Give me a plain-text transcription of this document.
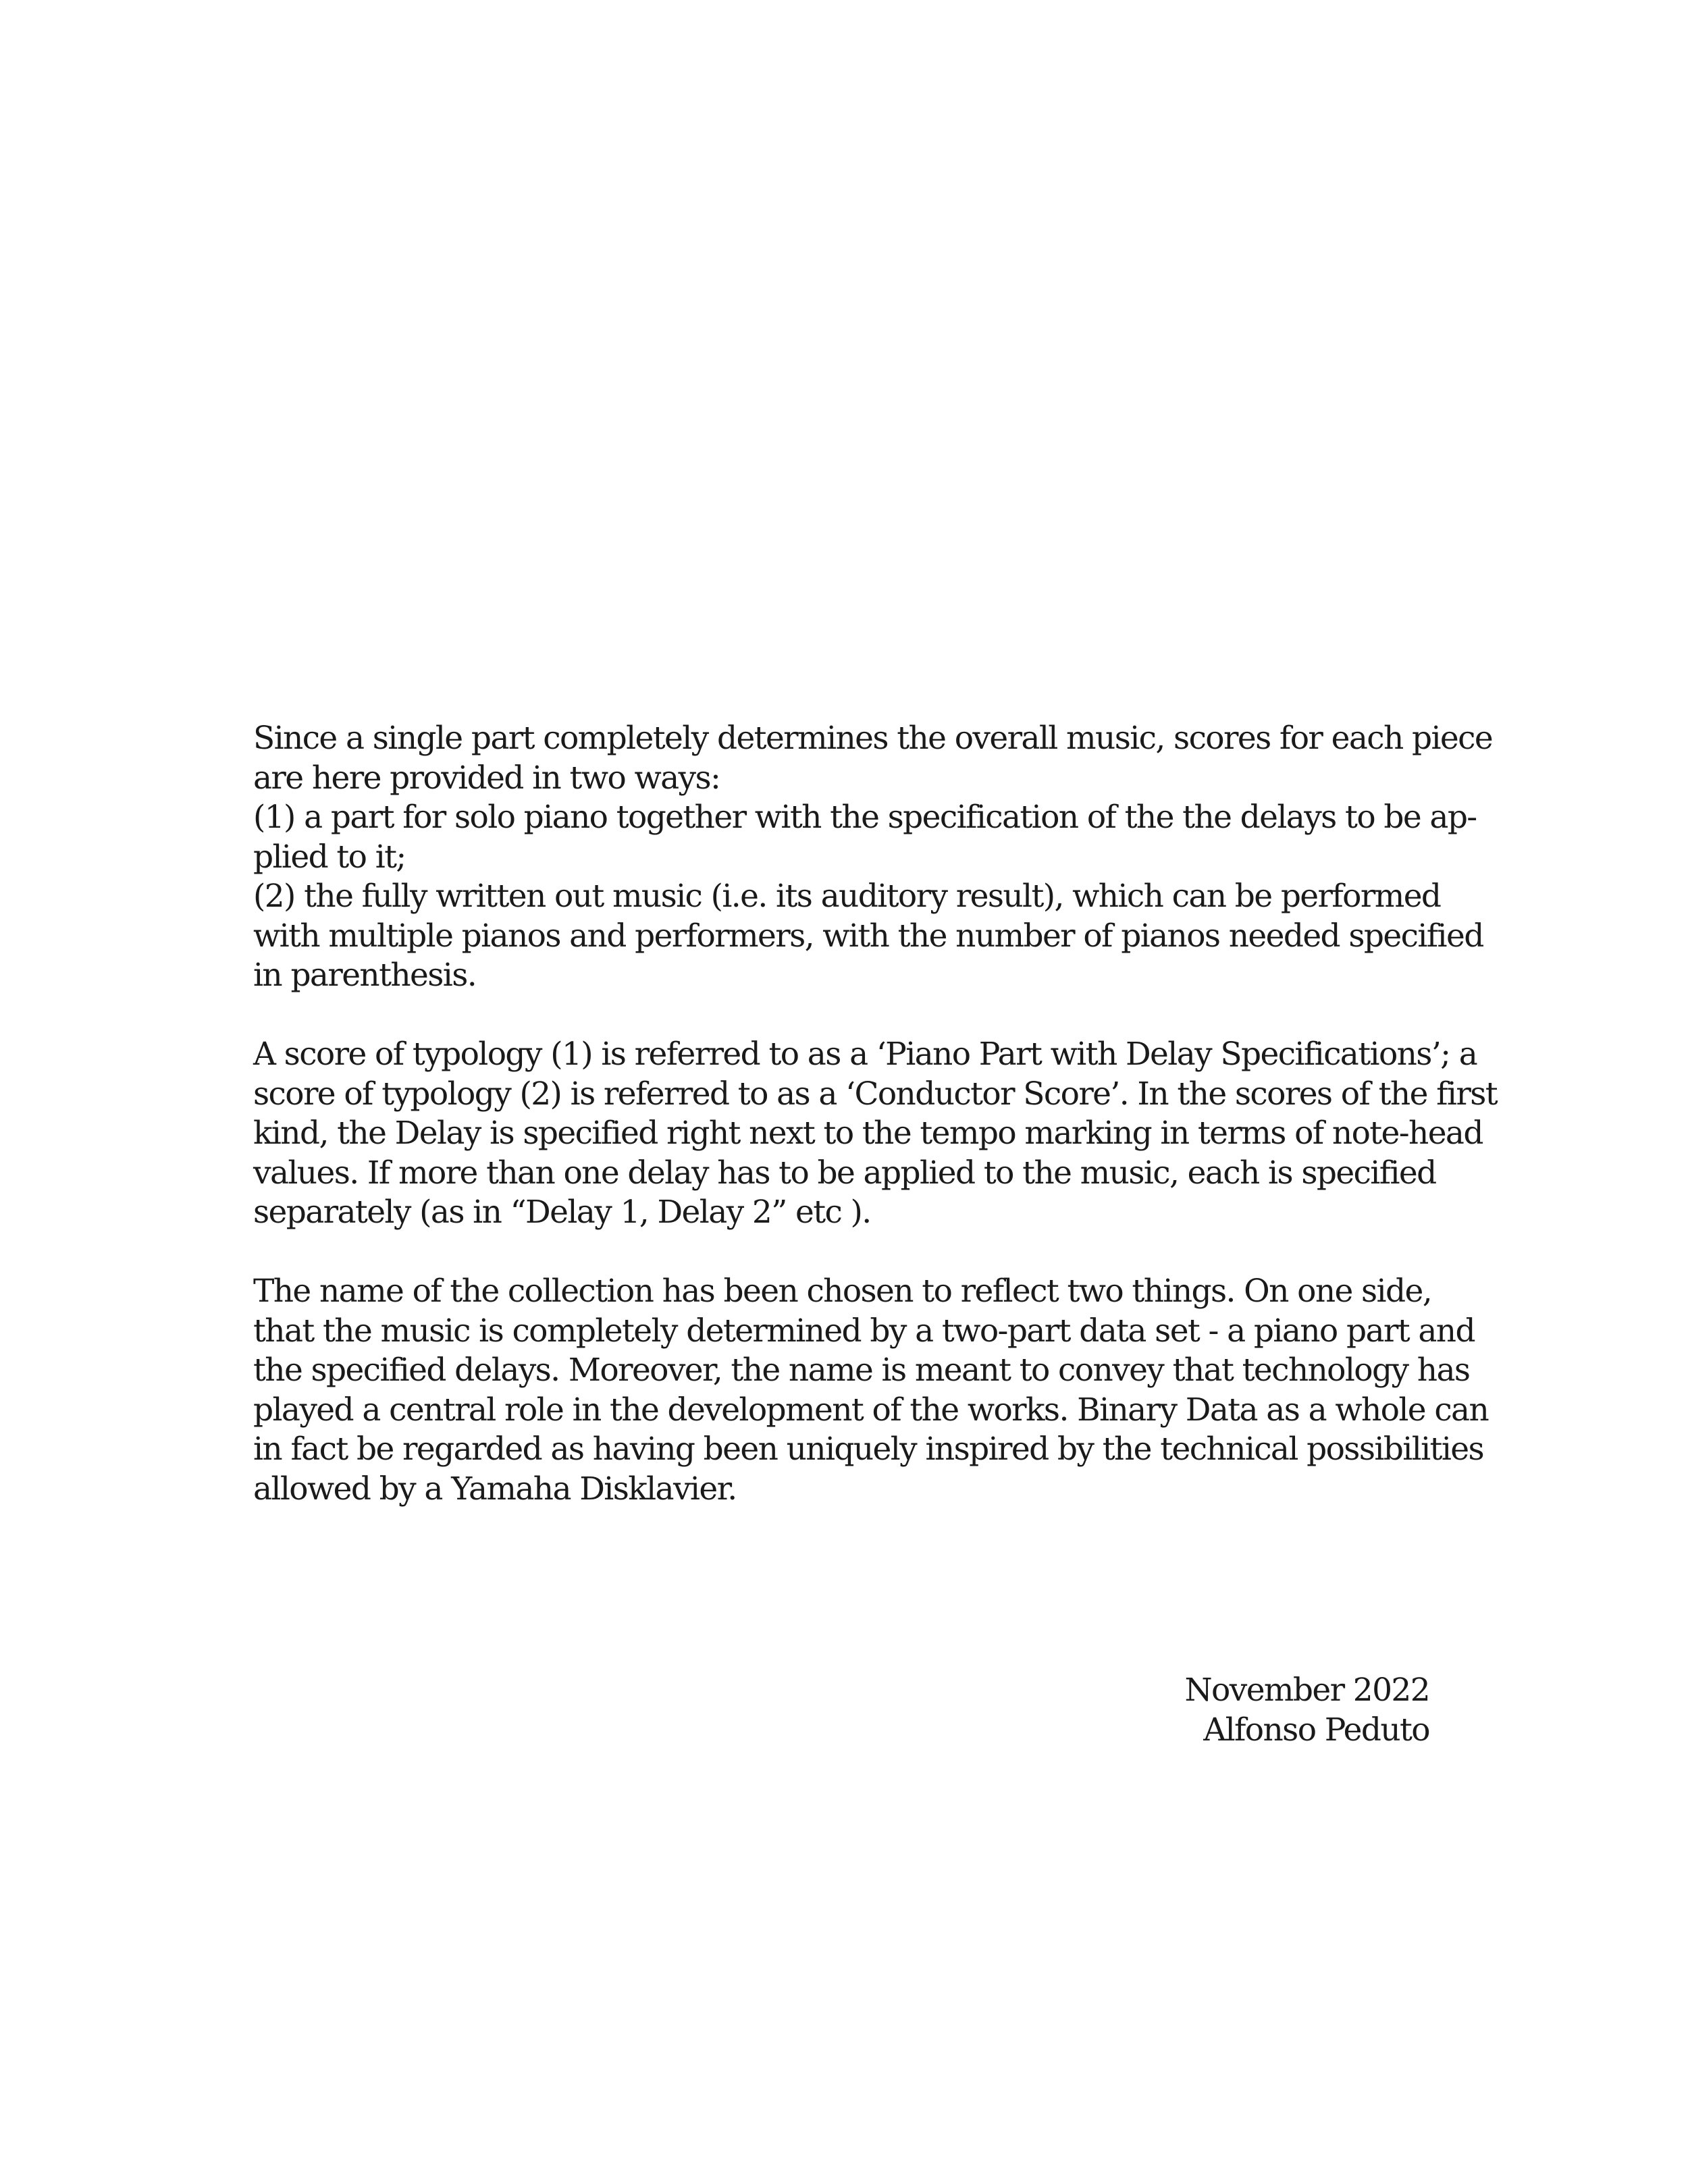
Since a single part completely determines the overall music, scores for each piece
are here provided in two ways:
(1) a part for solo piano together with the specification of the the delays to be ap-
plied to it;
(2) the fully written out music (i.e. its auditory result), which can be performed
with multiple pianos and performers, with the number of pianos needed specified
in parenthesis.

A score of typology (1) is referred to as a ‘Piano Part with Delay Specifications’; a
score of typology (2) is referred to as a ‘Conductor Score’. In the scores of the first
kind, the Delay is specified right next to the tempo marking in terms of note-head
values. If more than one delay has to be applied to the music, each is specified
separately (as in “Delay 1, Delay 2” etc ).

The name of the collection has been chosen to reflect two things. On one side,
that the music is completely determined by a two-part data set - a piano part and
the specified delays. Moreover, the name is meant to convey that technology has
played a central role in the development of the works. Binary Data as a whole can
in fact be regarded as having been uniquely inspired by the technical possibilities
allowed by a Yamaha Disklavier.

November 2022
Alfonso Peduto
